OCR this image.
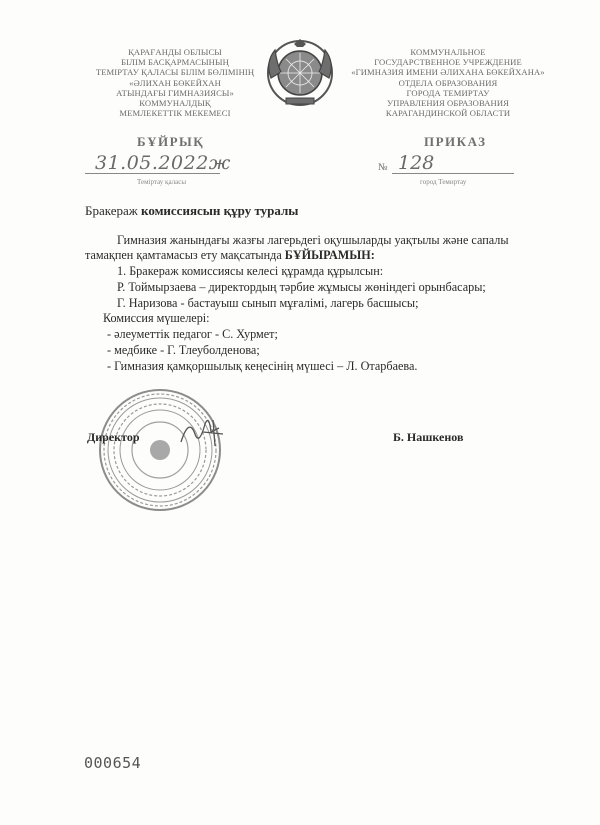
ҚАРАҒАНДЫ ОБЛЫСЫ
БІЛІМ БАСҚАРМАСЫНЫҢ
ТЕМІРТАУ ҚАЛАСЫ БІЛІМ БӨЛІМІНІҢ
«ӘЛИХАН БӨКЕЙХАН
АТЫНДАҒЫ ГИМНАЗИЯСЫ»
КОММУНАЛДЫҚ
МЕМЛЕКЕТТІК МЕКЕМЕСІ
КОММУНАЛЬНОЕ
ГОСУДАРСТВЕННОЕ УЧРЕЖДЕНИЕ
«ГИМНАЗИЯ ИМЕНИ ӘЛИХАНА БӨКЕЙХАНА»
ОТДЕЛА ОБРАЗОВАНИЯ
ГОРОДА ТЕМИРТАУ
УПРАВЛЕНИЯ ОБРАЗОВАНИЯ
КАРАГАНДИНСКОЙ ОБЛАСТИ
БҰЙРЫҚ	ПРИКАЗ
31.05.2022ж
Теміртау қаласы
№ 128
город Темиртау
Бракераж комиссиясын құру туралы
Гимназия жанындағы жазғы лагерьдегі оқушыларды уақтылы және сапалы
тамақпен қамтамасыз ету мақсатында БҰЙЫРАМЫН:
1. Бракераж комиссиясы келесі құрамда құрылсын:
Р. Тоймырзаева – директордың тәрбие жұмысы жөніндегі орынбасары;
Г. Наризова - бастауыш сынып мұғалімі, лагерь басшысы;
Комиссия мүшелері:
- әлеуметтік педагог - С. Хурмет;
- медбике - Г. Тлеуболденова;
- Гимназия қамқоршылық кеңесінің мүшесі – Л. Отарбаева.
Директор	Б. Нашкенов
000654
